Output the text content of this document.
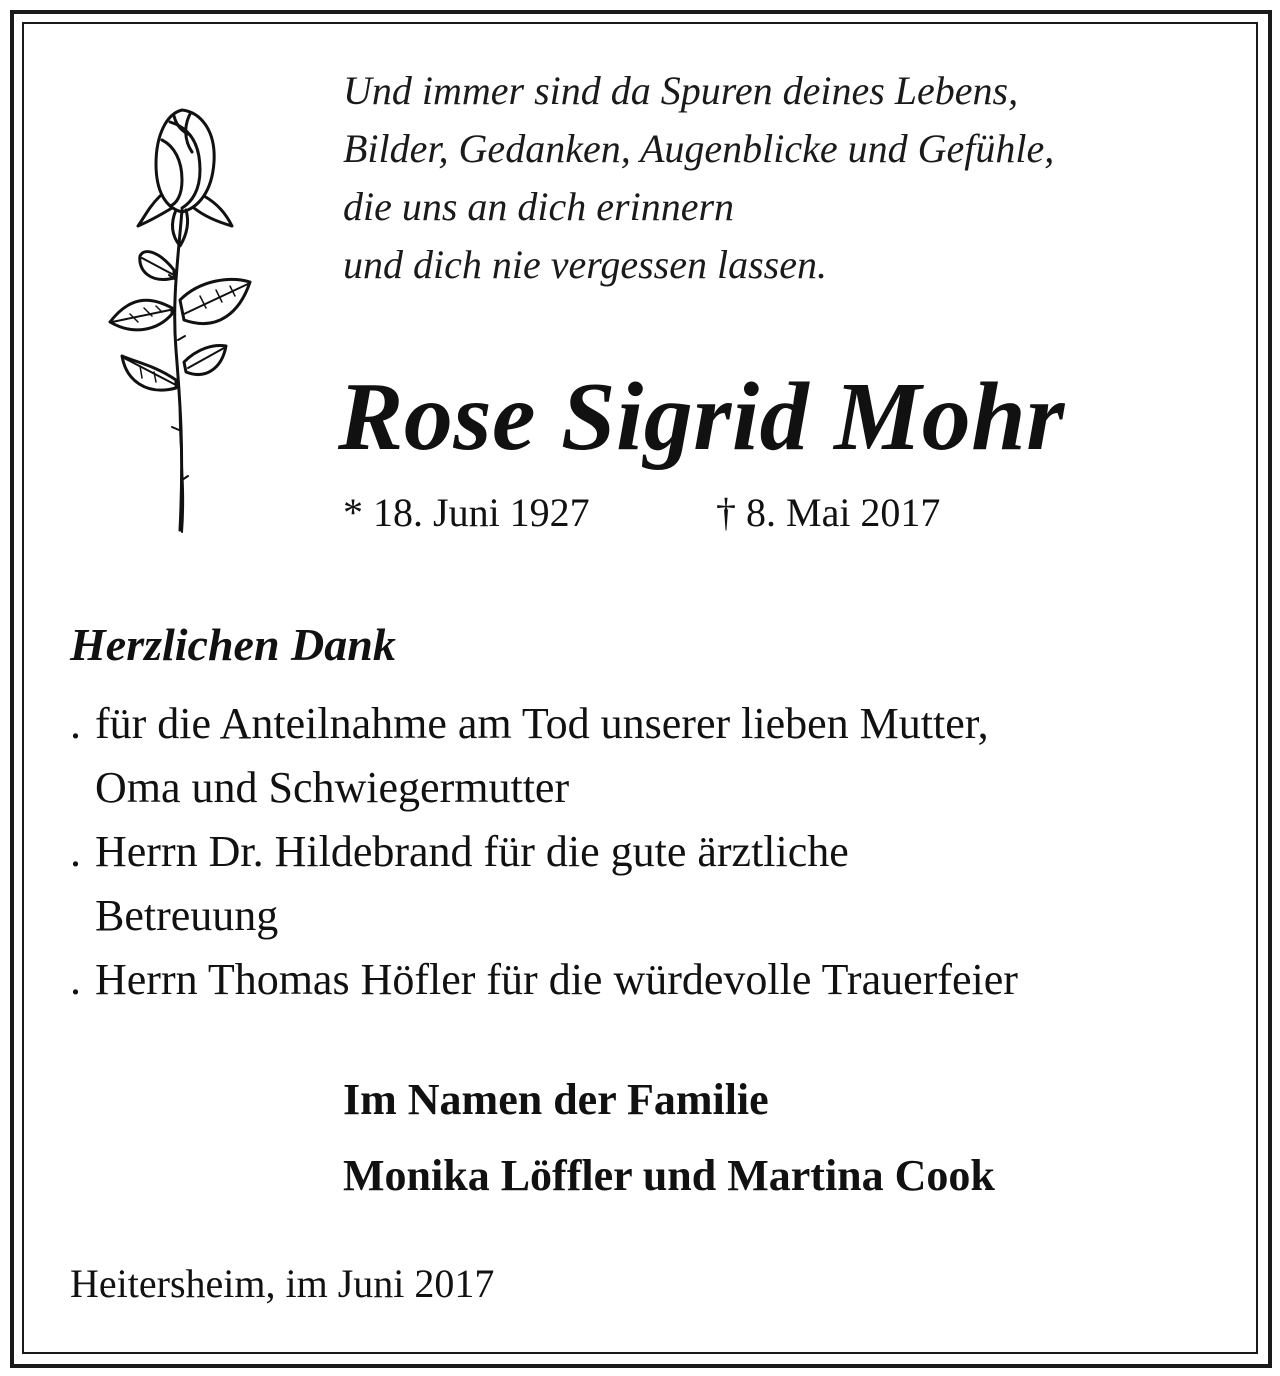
Und immer sind da Spuren deines Lebens,
Bilder, Gedanken, Augenblicke und Gefühle,
die uns an dich erinnern
und dich nie vergessen lassen.
Rose Sigrid Mohr
* 18. Juni 1927	† 8. Mai 2017
Herzlichen Dank
. für die Anteilnahme am Tod unserer lieben Mutter,
Oma und Schwiegermutter
. Herrn Dr. Hildebrand für die gute ärztliche
Betreuung
. Herrn Thomas Höfler für die würdevolle Trauerfeier
Im Namen der Familie
Monika Löffler und Martina Cook
Heitersheim, im Juni 2017
